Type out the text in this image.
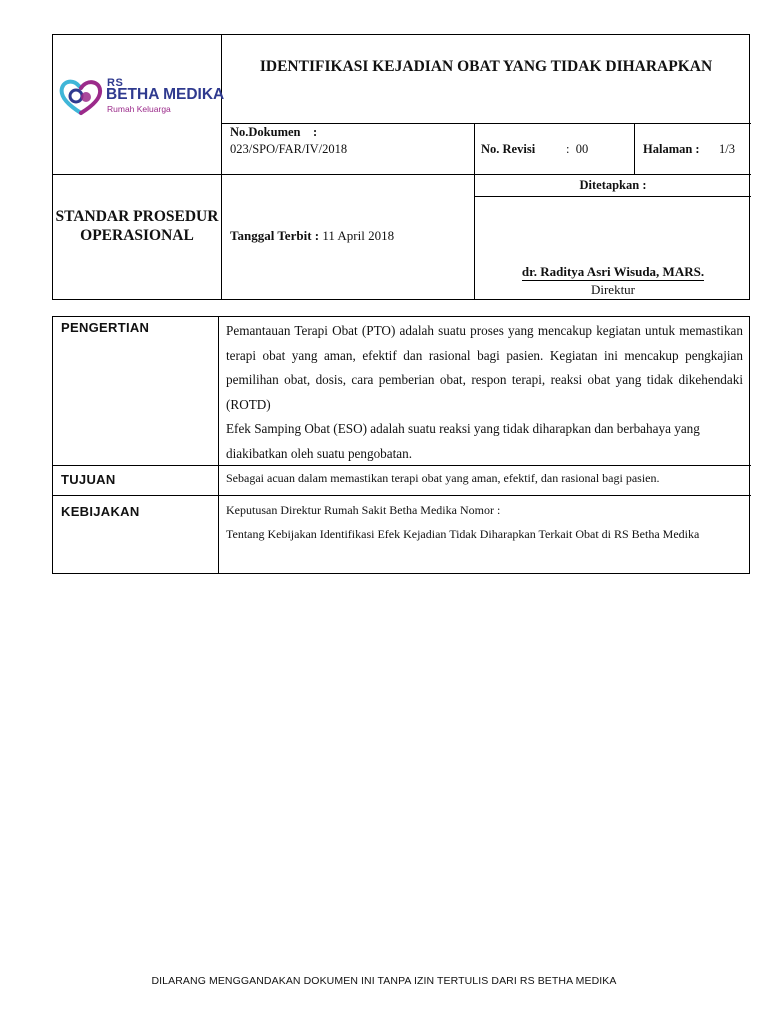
RS
BETHA MEDIKA
Rumah Keluarga
IDENTIFIKASI KEJADIAN OBAT YANG TIDAK DIHARAPKAN
No.Dokumen    :
023/SPO/FAR/IV/2018	No. Revisi :  00	Halaman : 1/3
STANDAR PROSEDUR OPERASIONAL	Tanggal Terbit : 11 April 2018
Ditetapkan :
dr. Raditya Asri Wisuda, MARS.
Direktur
PENGERTIAN	Pemantauan Terapi Obat (PTO) adalah suatu proses yang mencakup kegiatan untuk memastikan terapi obat yang aman, efektif dan rasional bagi pasien. Kegiatan ini mencakup pengkajian pemilihan obat, dosis, cara pemberian obat, respon terapi, reaksi obat yang tidak dikehendaki (ROTD)
Efek Samping Obat (ESO) adalah suatu reaksi yang tidak diharapkan dan berbahaya yang diakibatkan oleh suatu pengobatan.
TUJUAN	Sebagai acuan dalam memastikan terapi obat yang aman, efektif, dan rasional bagi pasien.
KEBIJAKAN	Keputusan Direktur Rumah Sakit Betha Medika Nomor :
Tentang Kebijakan Identifikasi Efek Kejadian Tidak Diharapkan Terkait Obat di RS Betha Medika
DILARANG MENGGANDAKAN DOKUMEN INI TANPA IZIN TERTULIS DARI RS BETHA MEDIKA
